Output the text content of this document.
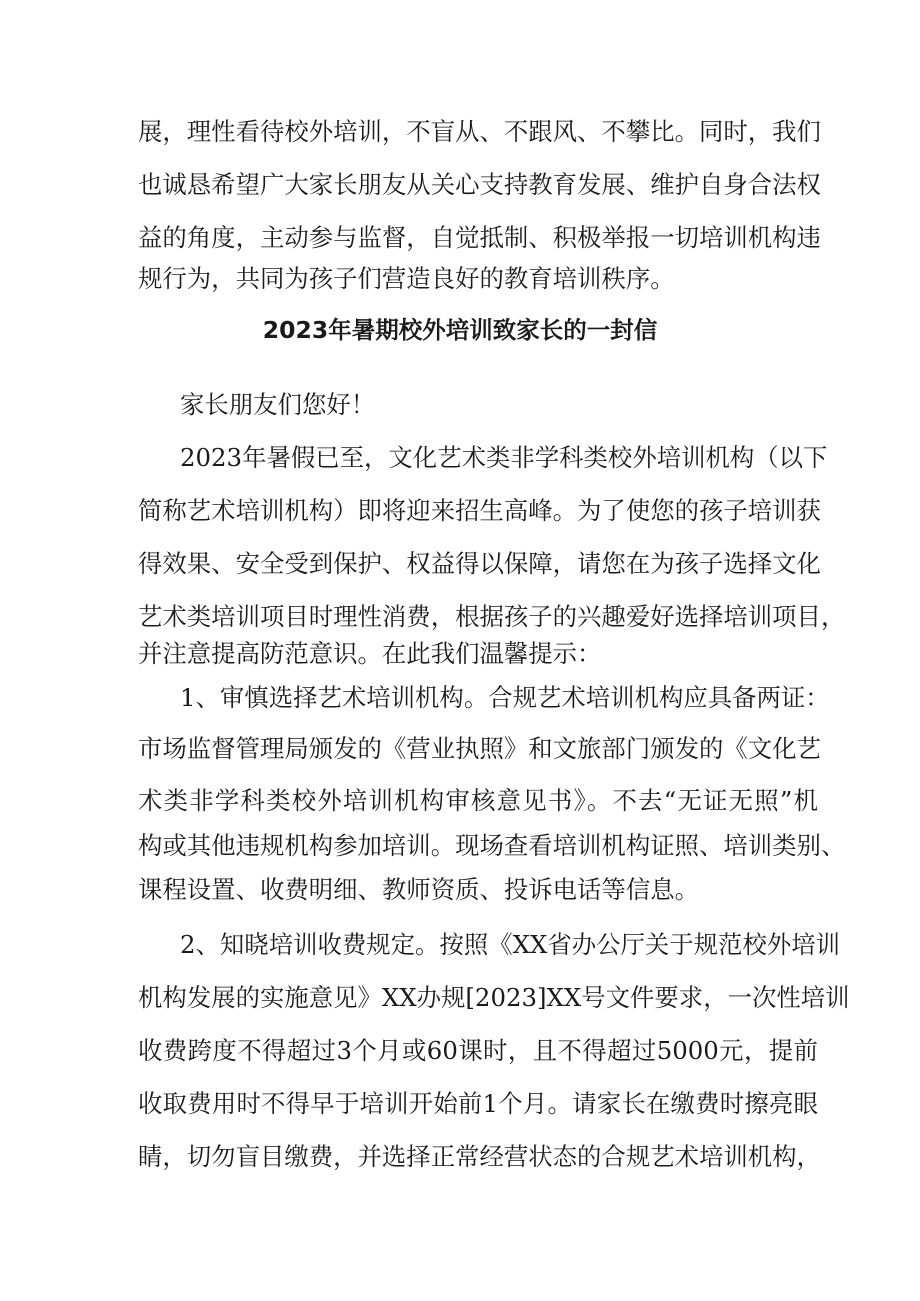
展，理性看待校外培训，不盲从、不跟风、不攀比。同时，我们
也诚恳希望广大家长朋友从关心支持教育发展、维护自身合法权
益的角度，主动参与监督，自觉抵制、积极举报一切培训机构违
规行为，共同为孩子们营造良好的教育培训秩序。
2023年暑期校外培训致家长的一封信
家长朋友们您好！
2023年暑假已至，文化艺术类非学科类校外培训机构（以下
简称艺术培训机构）即将迎来招生高峰。为了使您的孩子培训获
得效果、安全受到保护、权益得以保障，请您在为孩子选择文化
艺术类培训项目时理性消费，根据孩子的兴趣爱好选择培训项目，
并注意提高防范意识。在此我们温馨提示：
1、审慎选择艺术培训机构。合规艺术培训机构应具备两证：
市场监督管理局颁发的《营业执照》和文旅部门颁发的《文化艺
术类非学科类校外培训机构审核意见书》。不去“无证无照”机
构或其他违规机构参加培训。现场查看培训机构证照、培训类别、
课程设置、收费明细、教师资质、投诉电话等信息。
2、知晓培训收费规定。按照《XX省办公厅关于规范校外培训
机构发展的实施意见》XX办规[2023]XX号文件要求，一次性培训
收费跨度不得超过3个月或60课时，且不得超过5000元，提前
收取费用时不得早于培训开始前1个月。请家长在缴费时擦亮眼
睛，切勿盲目缴费，并选择正常经营状态的合规艺术培训机构，
